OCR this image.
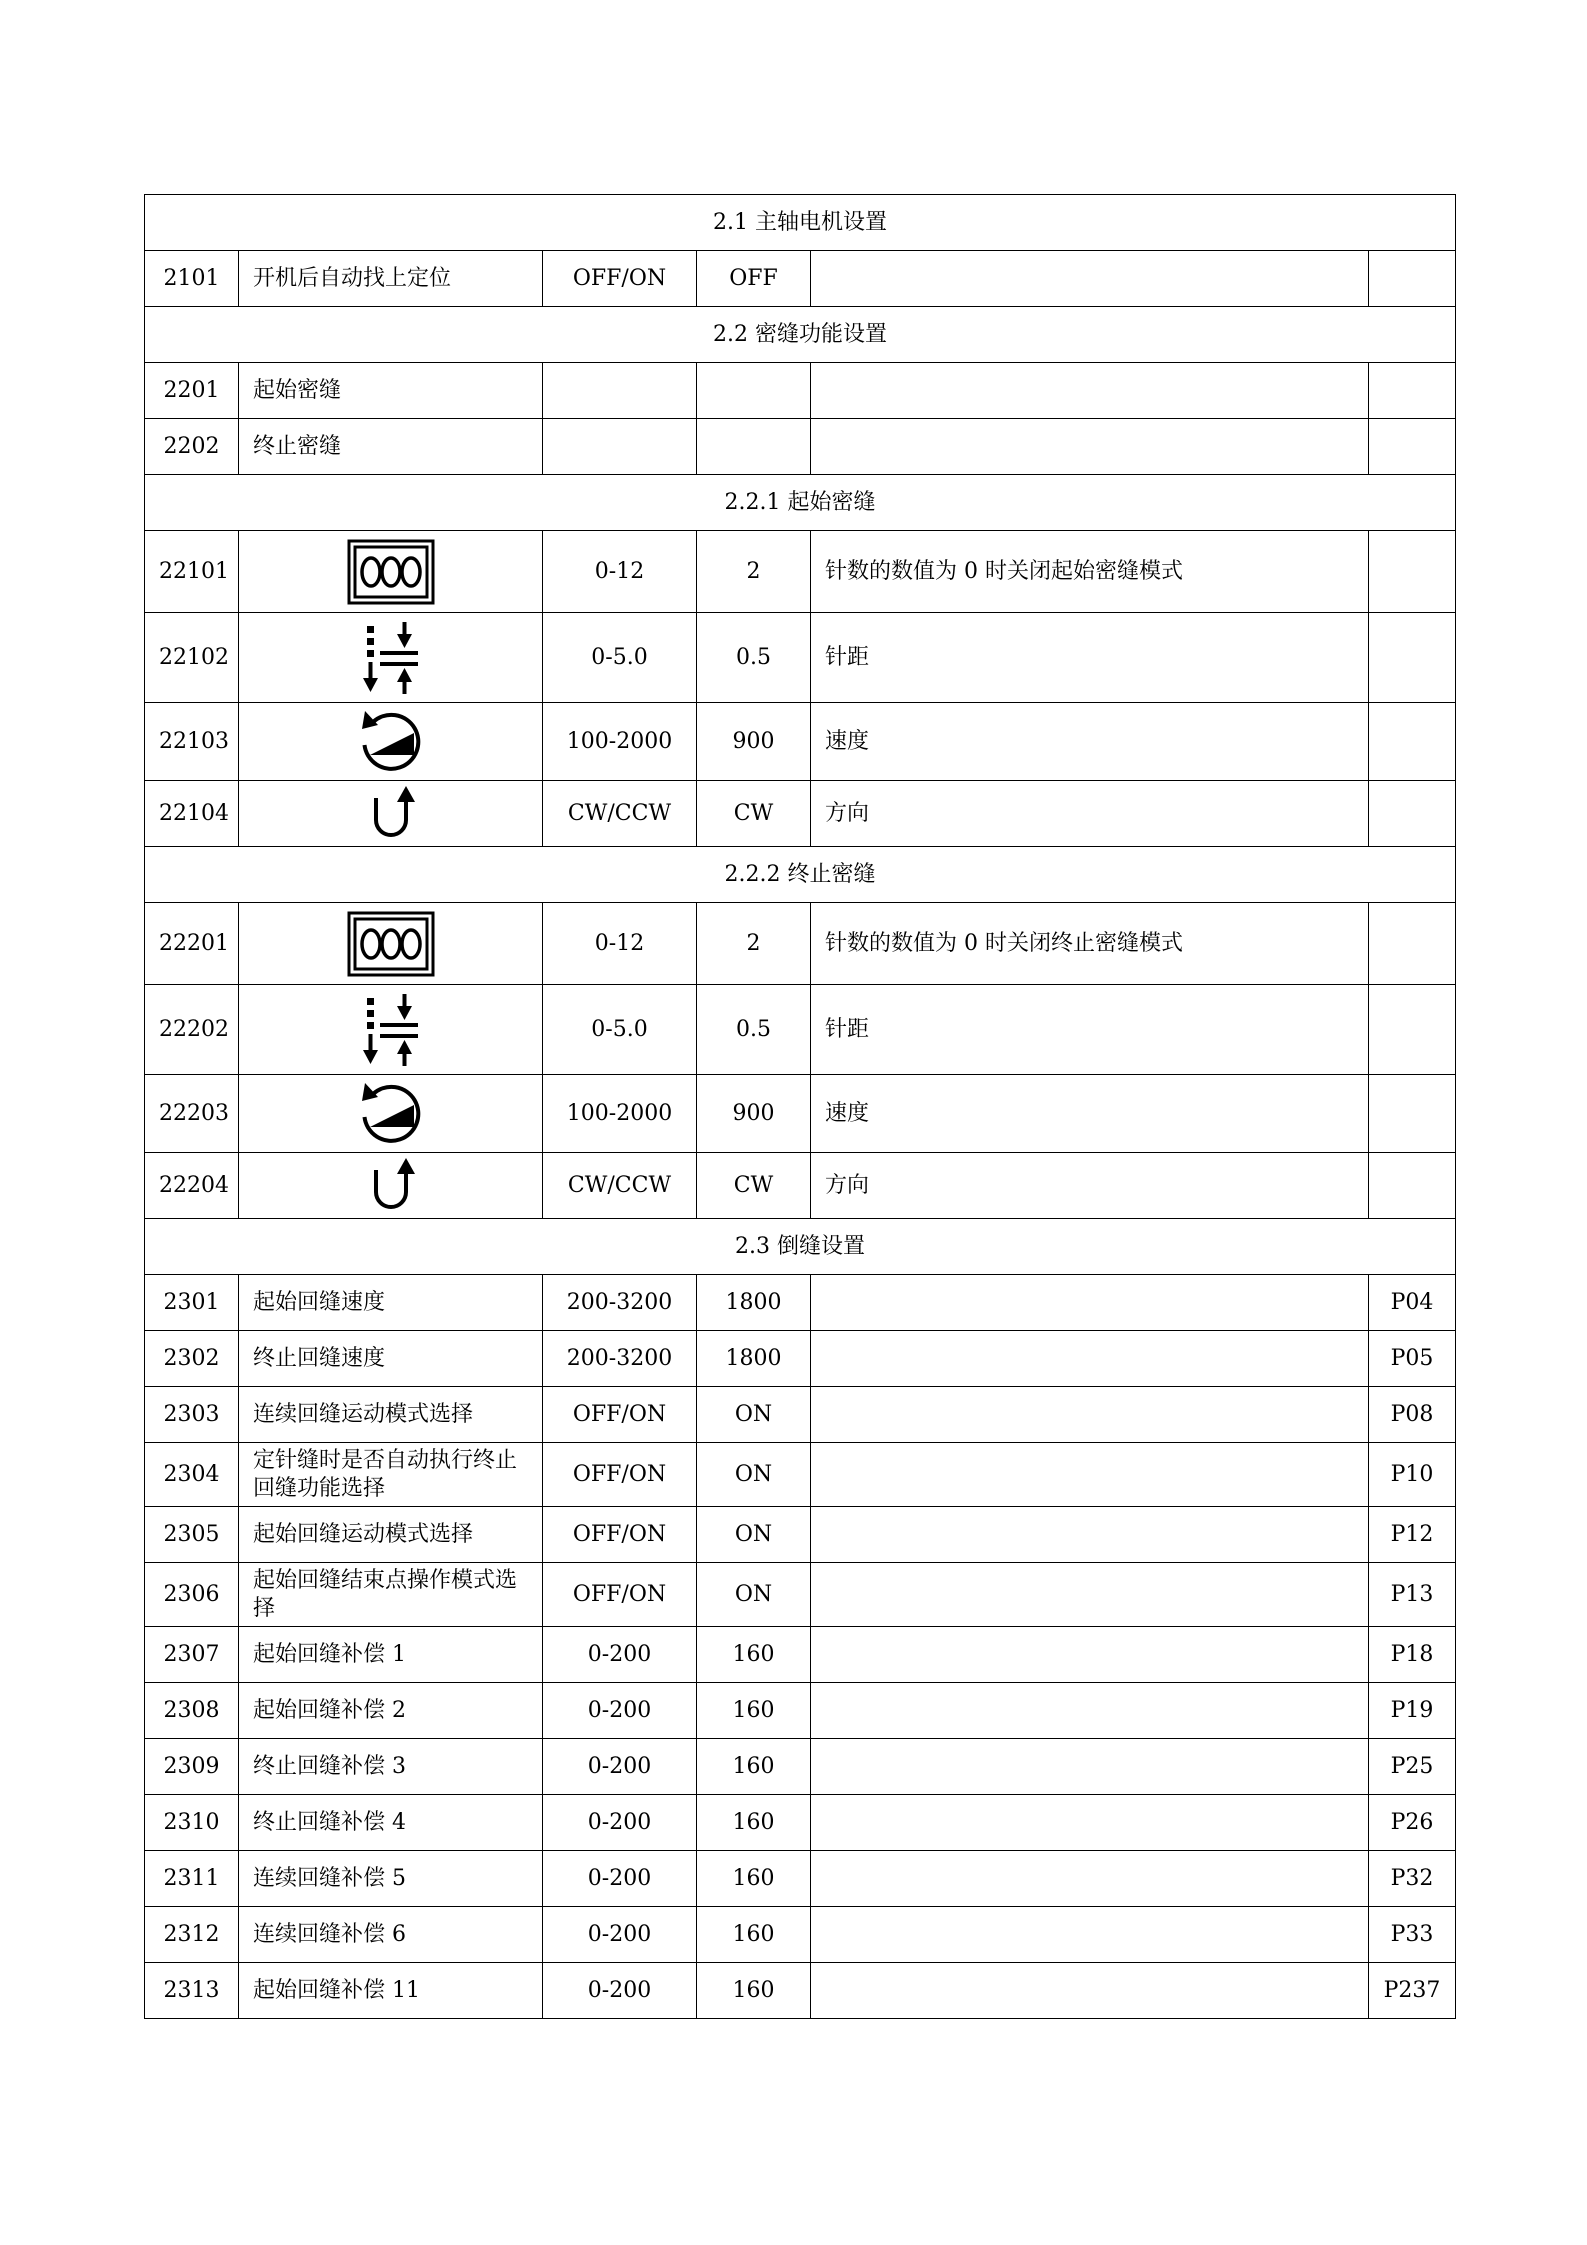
2.1 主轴电机设置					
2101	开机后自动找上定位	OFF/ON	OFF		
2.2 密缝功能设置					
2201	起始密缝				
2202	终止密缝				
2.2.1 起始密缝					
22101		0-12	2	针数的数值为 0 时关闭起始密缝模式	
22102		0-5.0	0.5	针距	
22103		100-2000	900	速度	
22104		CW/CCW	CW	方向	
2.2.2 终止密缝					
22201		0-12	2	针数的数值为 0 时关闭终止密缝模式	
22202		0-5.0	0.5	针距	
22203		100-2000	900	速度	
22204		CW/CCW	CW	方向	
2.3 倒缝设置					
2301	起始回缝速度	200-3200	1800		P04
2302	终止回缝速度	200-3200	1800		P05
2303	连续回缝运动模式选择	OFF/ON	ON		P08
2304	定针缝时是否自动执行终止回缝功能选择	OFF/ON	ON		P10
2305	起始回缝运动模式选择	OFF/ON	ON		P12
2306	起始回缝结束点操作模式选择	OFF/ON	ON		P13
2307	起始回缝补偿 1	0-200	160		P18
2308	起始回缝补偿 2	0-200	160		P19
2309	终止回缝补偿 3	0-200	160		P25
2310	终止回缝补偿 4	0-200	160		P26
2311	连续回缝补偿 5	0-200	160		P32
2312	连续回缝补偿 6	0-200	160		P33
2313	起始回缝补偿 11	0-200	160		P237
